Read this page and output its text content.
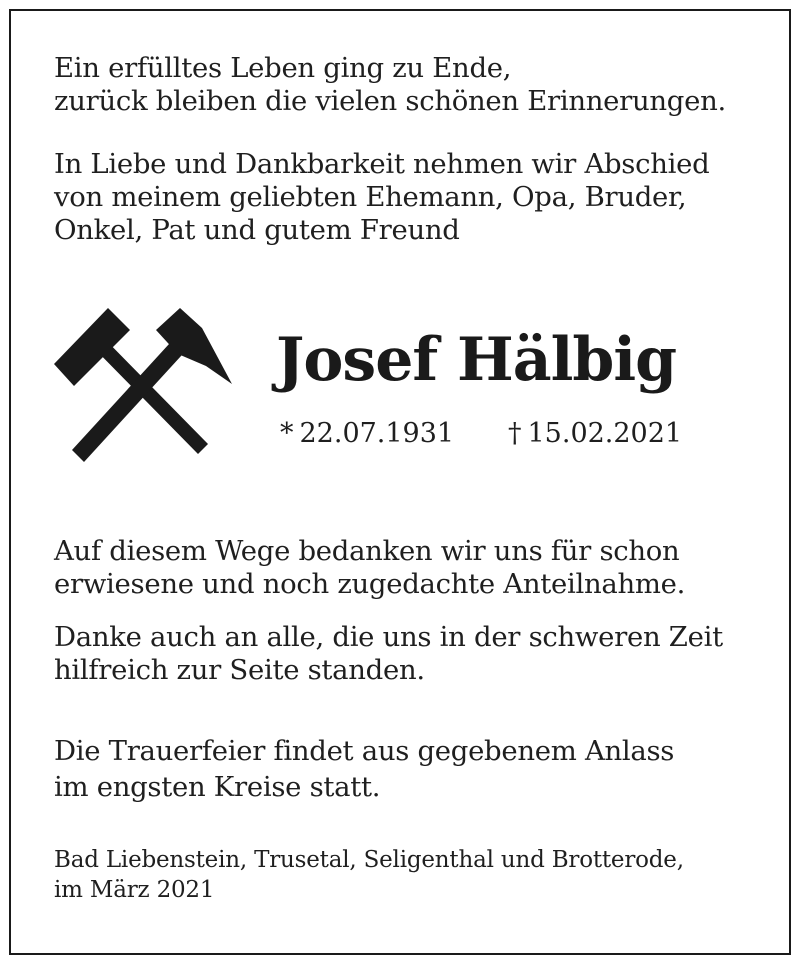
Ein erfülltes Leben ging zu Ende,
zurück bleiben die vielen schönen Erinnerungen.

In Liebe und Dankbarkeit nehmen wir Abschied
von meinem geliebten Ehemann, Opa, Bruder,
Onkel, Pat und gutem Freund

Josef Hälbig

* 22.07.1931 † 15.02.2021

Auf diesem Wege bedanken wir uns für schon
erwiesene und noch zugedachte Anteilnahme.

Danke auch an alle, die uns in der schweren Zeit
hilfreich zur Seite standen.

Die Trauerfeier findet aus gegebenem Anlass
im engsten Kreise statt.

Bad Liebenstein, Trusetal, Seligenthal und Brotterode,
im März 2021
